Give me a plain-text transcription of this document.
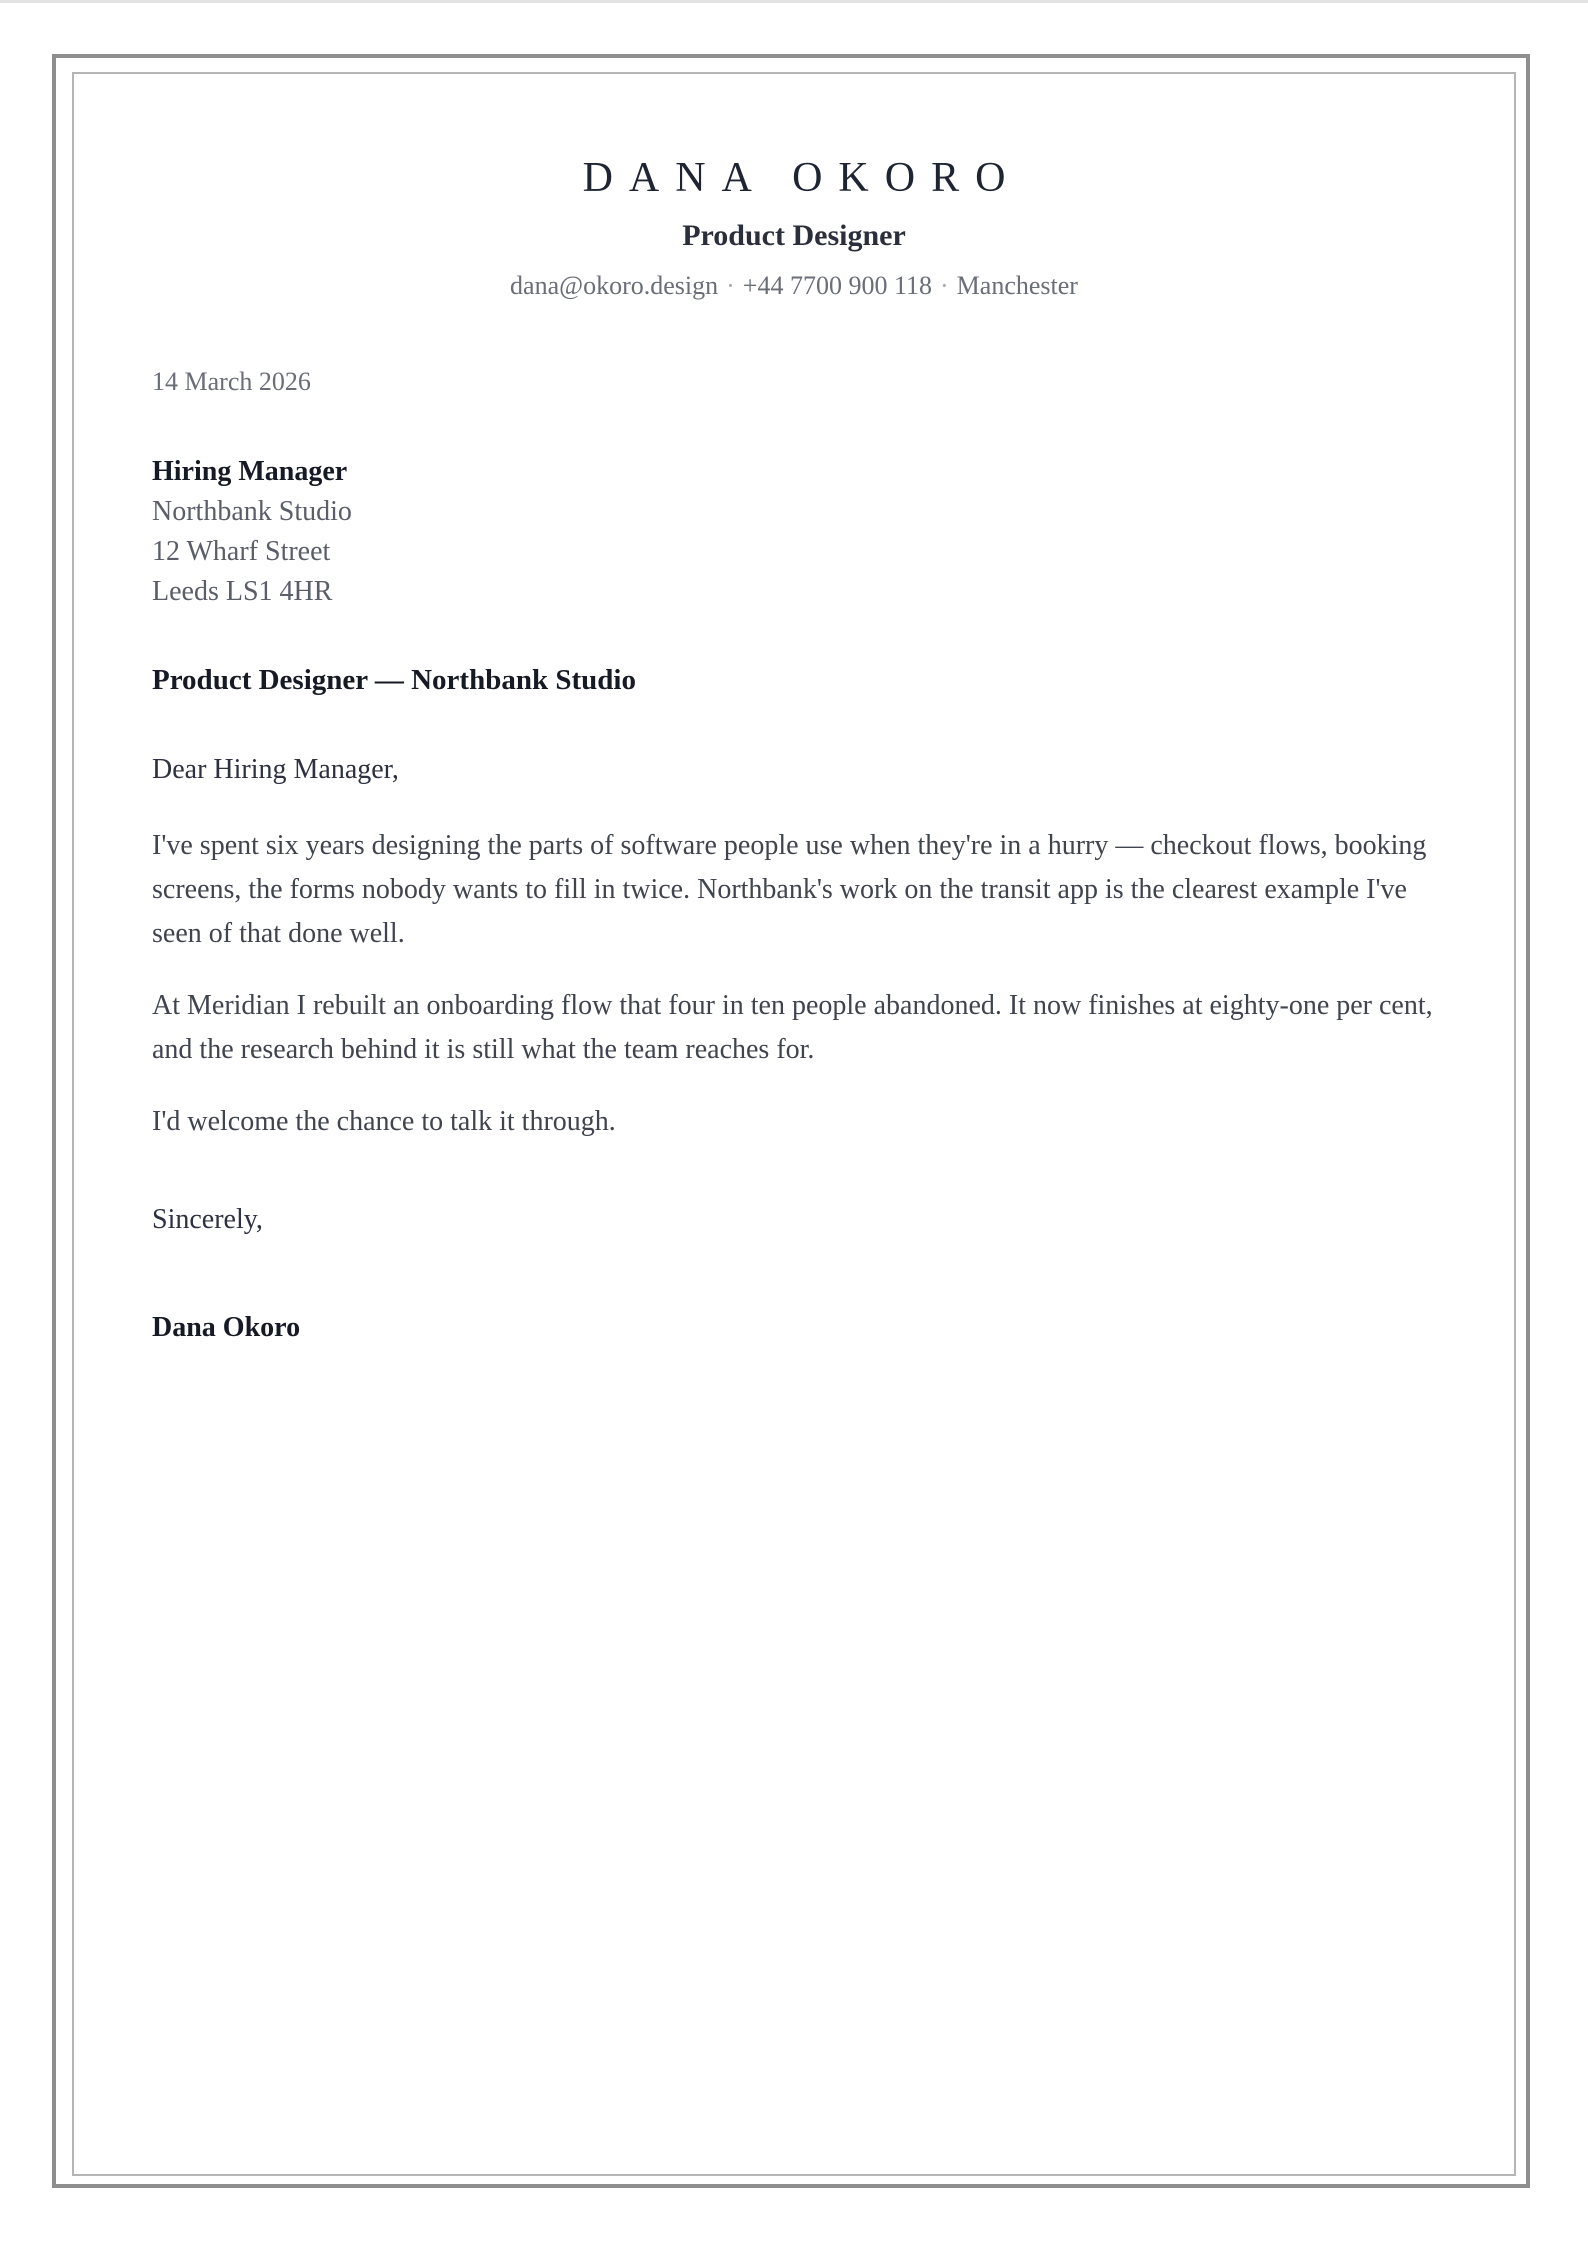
DANA OKORO
Product Designer
dana@okoro.design · +44 7700 900 118 · Manchester
14 March 2026
Hiring Manager
Northbank Studio
12 Wharf Street
Leeds LS1 4HR
Product Designer — Northbank Studio
Dear Hiring Manager,

I've spent six years designing the parts of software people use when they're in a hurry — checkout flows, booking screens, the forms nobody wants to fill in twice. Northbank's work on the transit app is the clearest example I've seen of that done well.

At Meridian I rebuilt an onboarding flow that four in ten people abandoned. It now finishes at eighty-one per cent, and the research behind it is still what the team reaches for.

I'd welcome the chance to talk it through.

Sincerely,
Dana Okoro
